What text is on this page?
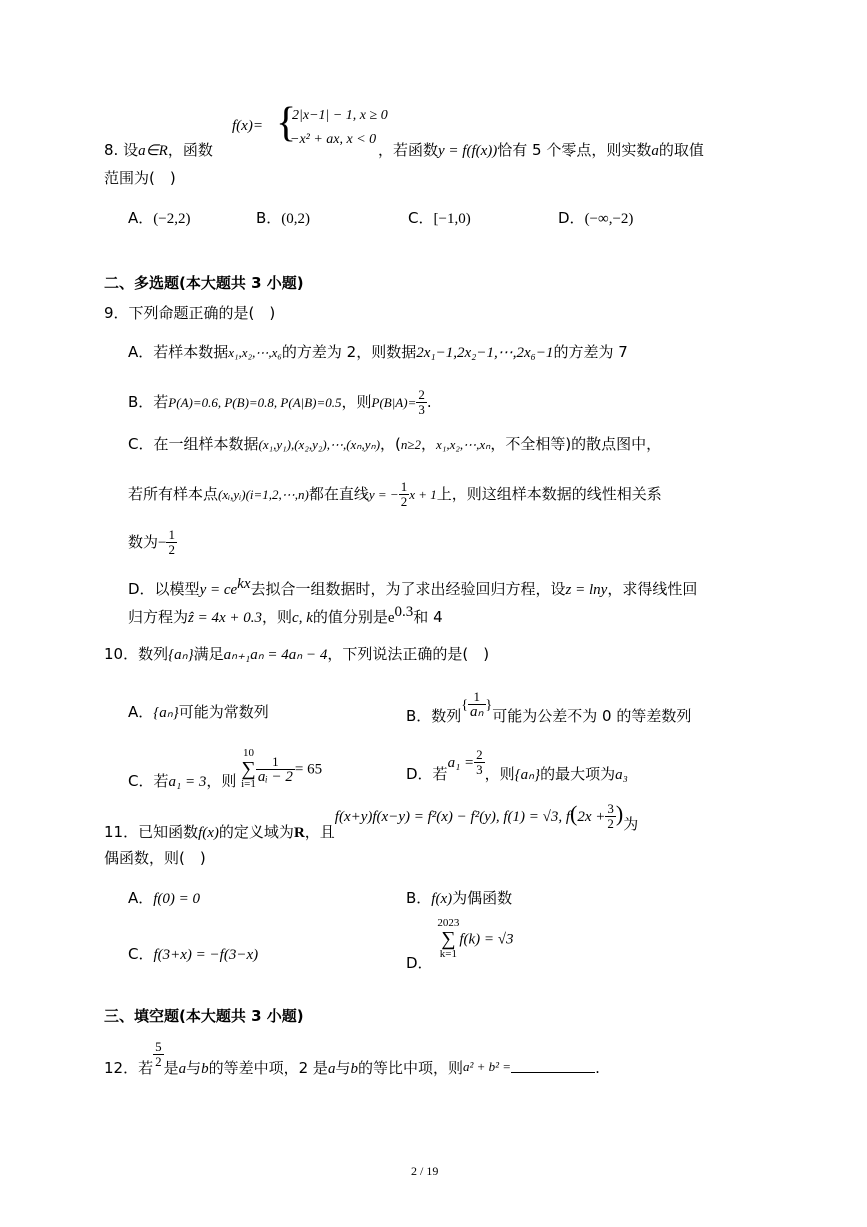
8. 设a∈R，函数
f(x)= {
2|x−1| − 1, x ≥ 0
−x² + ax, x < 0
，若函数y = f(f(x))恰有 5 个零点，则实数a的取值
范围为(　)
A．(−2,2)	B．(0,2)	C．[−1,0)	D．(−∞,−2)
二、多选题(本大题共 3 小题)
9．下列命题正确的是(　)
A．若样本数据x₁,x₂,⋯,x₆的方差为 2，则数据2x₁−1,2x₂−1,⋯,2x₆−1的方差为 7
B．若P(A)=0.6, P(B)=0.8, P(A|B)=0.5，则$P(B|A)= \frac{2}{3}$ .
C．在一组样本数据(x₁,y₁),(x₂,y₂),⋯,(xₙ,yₙ)，(n≥2，x₁,x₂,⋯,xₙ，不全相等)的散点图中，
若所有样本点(xᵢ,yᵢ)(i=1,2,⋯,n)都在直线y = − $\frac{1}{2}$ x + 1上，则这组样本数据的线性相关系
数为− $\frac{1}{2}$
D．以模型$y = ce^{kx}$去拟合一组数据时，为了求出经验回归方程，设z = lny，求得线性回
归方程为ẑ = 4x + 0.3，则c, k的值分别是$e^{0.3}$和 4
10．数列{aₙ}满足aₙ₊₁aₙ = 4aₙ − 4，下列说法正确的是(　)
A．{aₙ}可能为常数列	B．数列{ $\frac{1}{\text{aₙ}}$ }可能为公差不为 0 的等差数列
C．若a₁ = 3，则
10
∑
i=1
$\frac{1}{\text{aᵢ − 2}} = 65$	D．若$a_1 = \frac{2}{3}$ ，则{aₙ}的最大项为a₃
11．已知函数f(x)的定义域为R，且f(x+y)f(x−y) = f²(x) − f²(y), f(1) = √3, $f(2x + \frac{3}{2}$ )为
偶函数，则(　)
A．f(0) = 0	B．f(x)为偶函数
C．f(3+x) = −f(3−x)	D．
2023
∑
k=1
f(k) = √3
三、填空题(本大题共 3 小题)
12．若 $\frac{5}{2}$ 是a与b的等差中项，2 是a与b的等比中项，则a² + b² =	.
2 / 19
